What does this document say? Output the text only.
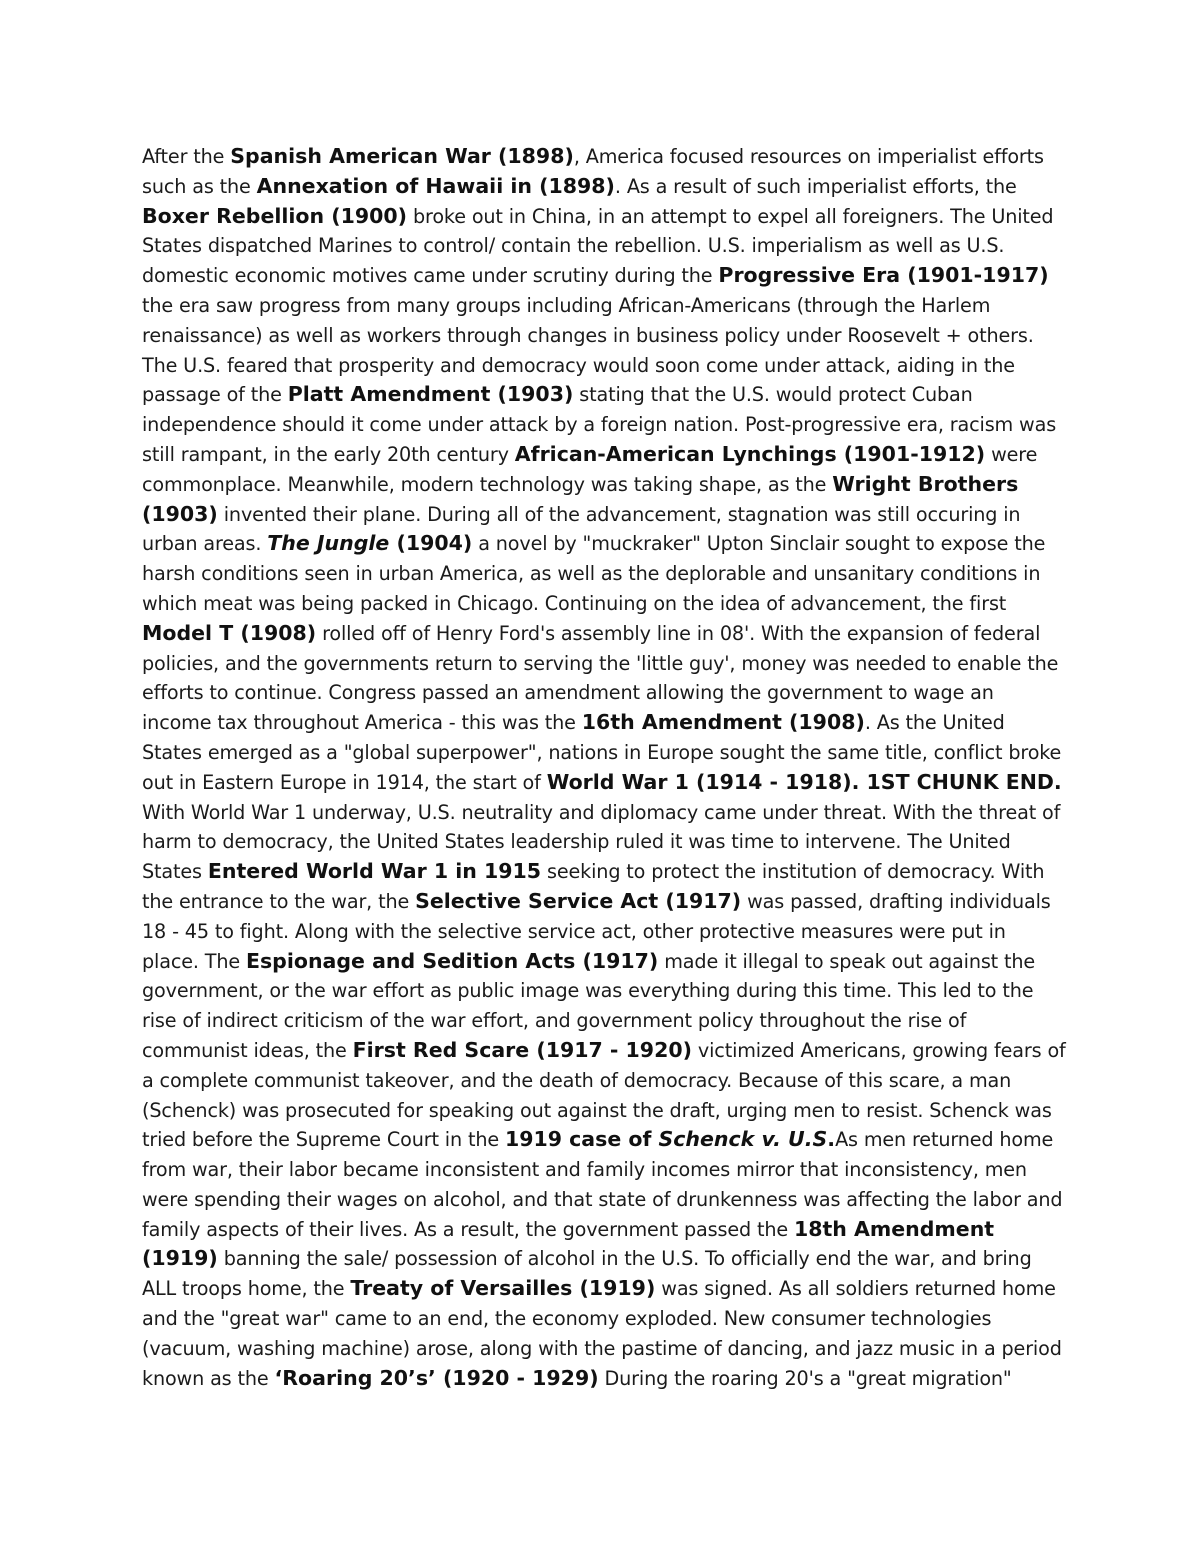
After the Spanish American War (1898), America focused resources on imperialist efforts such as the Annexation of Hawaii in (1898). As a result of such imperialist efforts, the Boxer Rebellion (1900) broke out in China, in an attempt to expel all foreigners. The United States dispatched Marines to control/ contain the rebellion. U.S. imperialism as well as U.S. domestic economic motives came under scrutiny during the Progressive Era (1901-1917) the era saw progress from many groups including African-Americans (through the Harlem renaissance) as well as workers through changes in business policy under Roosevelt + others. The U.S. feared that prosperity and democracy would soon come under attack, aiding in the passage of the Platt Amendment (1903) stating that the U.S. would protect Cuban independence should it come under attack by a foreign nation. Post-progressive era, racism was still rampant, in the early 20th century African-American Lynchings (1901-1912) were commonplace. Meanwhile, modern technology was taking shape, as the Wright Brothers (1903) invented their plane. During all of the advancement, stagnation was still occuring in urban areas. The Jungle (1904) a novel by "muckraker" Upton Sinclair sought to expose the harsh conditions seen in urban America, as well as the deplorable and unsanitary conditions in which meat was being packed in Chicago. Continuing on the idea of advancement, the first Model T (1908) rolled off of Henry Ford's assembly line in 08'. With the expansion of federal policies, and the governments return to serving the 'little guy', money was needed to enable the efforts to continue. Congress passed an amendment allowing the government to wage an income tax throughout America - this was the 16th Amendment (1908). As the United States emerged as a "global superpower", nations in Europe sought the same title, conflict broke out in Eastern Europe in 1914, the start of World War 1 (1914 - 1918). 1ST CHUNK END. With World War 1 underway, U.S. neutrality and diplomacy came under threat. With the threat of harm to democracy, the United States leadership ruled it was time to intervene. The United States Entered World War 1 in 1915 seeking to protect the institution of democracy. With the entrance to the war, the Selective Service Act (1917) was passed, drafting individuals 18 - 45 to fight. Along with the selective service act, other protective measures were put in place. The Espionage and Sedition Acts (1917) made it illegal to speak out against the government, or the war effort as public image was everything during this time. This led to the rise of indirect criticism of the war effort, and government policy throughout the rise of communist ideas, the First Red Scare (1917 - 1920) victimized Americans, growing fears of a complete communist takeover, and the death of democracy. Because of this scare, a man (Schenck) was prosecuted for speaking out against the draft, urging men to resist. Schenck was tried before the Supreme Court in the 1919 case of Schenck v. U.S.As men returned home from war, their labor became inconsistent and family incomes mirror that inconsistency, men were spending their wages on alcohol, and that state of drunkenness was affecting the labor and family aspects of their lives. As a result, the government passed the 18th Amendment (1919) banning the sale/ possession of alcohol in the U.S. To officially end the war, and bring ALL troops home, the Treaty of Versailles (1919) was signed. As all soldiers returned home and the "great war" came to an end, the economy exploded. New consumer technologies (vacuum, washing machine) arose, along with the pastime of dancing, and jazz music in a period known as the ‘Roaring 20’s’ (1920 - 1929) During the roaring 20's a "great migration"
